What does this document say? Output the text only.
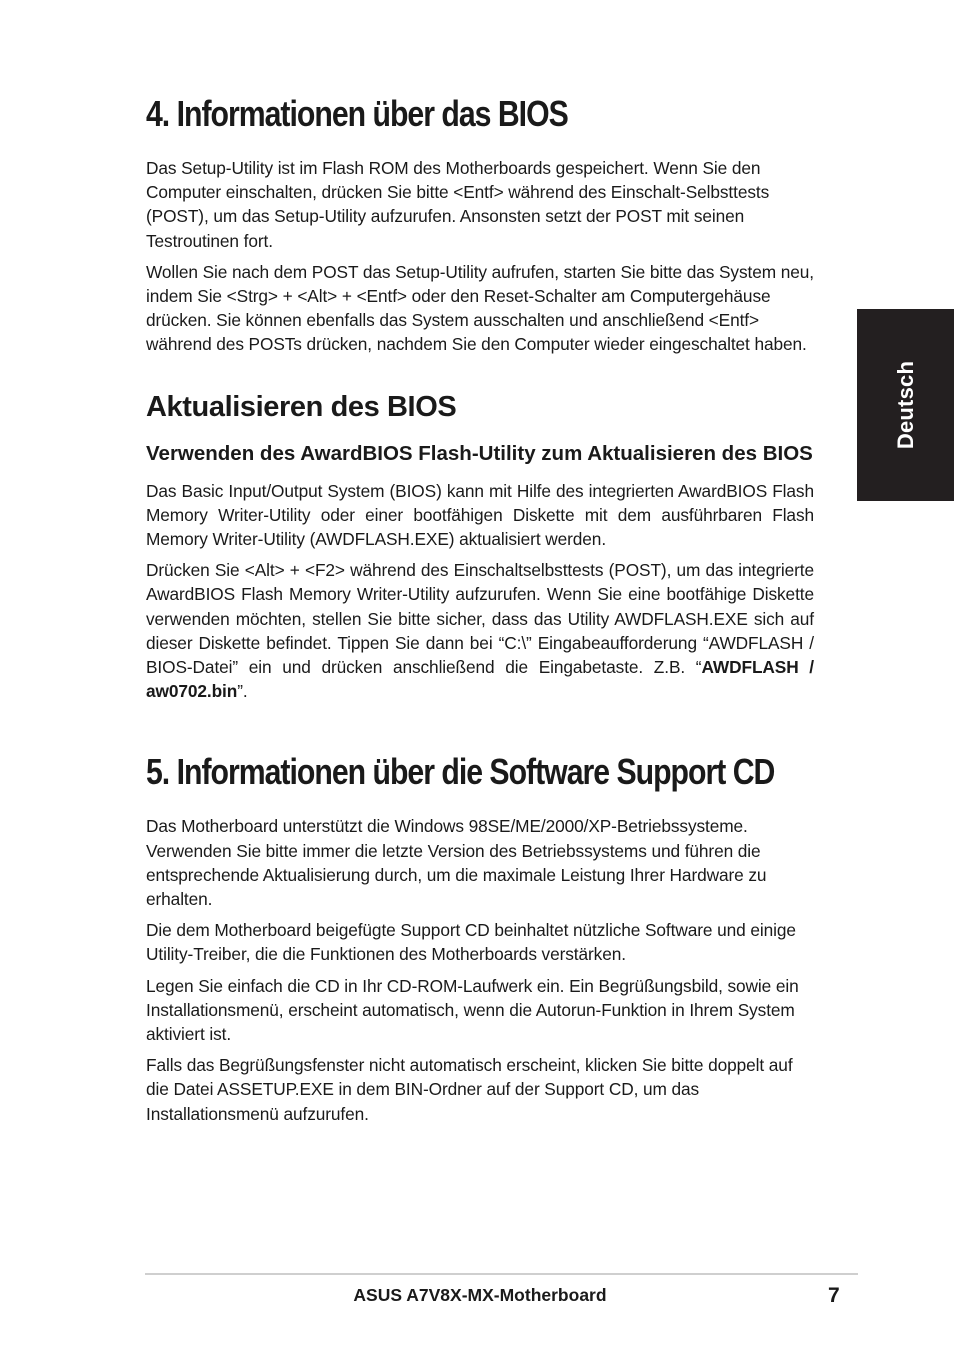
4. Informationen über das BIOS

Das Setup-Utility ist im Flash ROM des Motherboards gespeichert. Wenn Sie den Computer einschalten, drücken Sie bitte <Entf> während des Einschalt-Selbsttests (POST), um das Setup-Utility aufzurufen. Ansonsten setzt der POST mit seinen Testroutinen fort.

Wollen Sie nach dem POST das Setup-Utility aufrufen, starten Sie bitte das System neu, indem Sie <Strg> + <Alt> + <Entf> oder den Reset-Schalter am Computergehäuse drücken. Sie können ebenfalls das System ausschalten und anschließend <Entf> während des POSTs drücken, nachdem Sie den Computer wieder eingeschaltet haben.

Aktualisieren des BIOS
Verwenden des AwardBIOS Flash-Utility zum Aktualisieren des BIOS

Das Basic Input/Output System (BIOS) kann mit Hilfe des integrierten AwardBIOS Flash Memory Writer-Utility oder einer bootfähigen Diskette mit dem ausführbaren Flash Memory Writer-Utility (AWDFLASH.EXE) aktualisiert werden.

Drücken Sie <Alt> + <F2> während des Einschaltselbsttests (POST), um das integrierte AwardBIOS Flash Memory Writer-Utility aufzurufen. Wenn Sie eine bootfähige Diskette verwenden möchten, stellen Sie bitte sicher, dass das Utility AWDFLASH.EXE sich auf dieser Diskette befindet. Tippen Sie dann bei “C:\” Eingabeaufforderung “AWDFLASH / BIOS-Datei” ein und drücken anschließend die Eingabetaste. Z.B. “AWDFLASH / aw0702.bin”.

5. Informationen über die Software Support CD

Das Motherboard unterstützt die Windows 98SE/ME/2000/XP-Betriebssysteme. Verwenden Sie bitte immer die letzte Version des Betriebssystems und führen die entsprechende Aktualisierung durch, um die maximale Leistung Ihrer Hardware zu erhalten.

Die dem Motherboard beigefügte Support CD beinhaltet nützliche Software und einige Utility-Treiber, die die Funktionen des Motherboards verstärken.

Legen Sie einfach die CD in Ihr CD-ROM-Laufwerk ein. Ein Begrüßungsbild, sowie ein Installationsmenü, erscheint automatisch, wenn die Autorun-Funktion in Ihrem System aktiviert ist.

Falls das Begrüßungsfenster nicht automatisch erscheint, klicken Sie bitte doppelt auf die Datei ASSETUP.EXE in dem BIN-Ordner auf der Support CD, um das Installationsmenü aufzurufen.

Deutsch
ASUS A7V8X-MX-Motherboard	7
